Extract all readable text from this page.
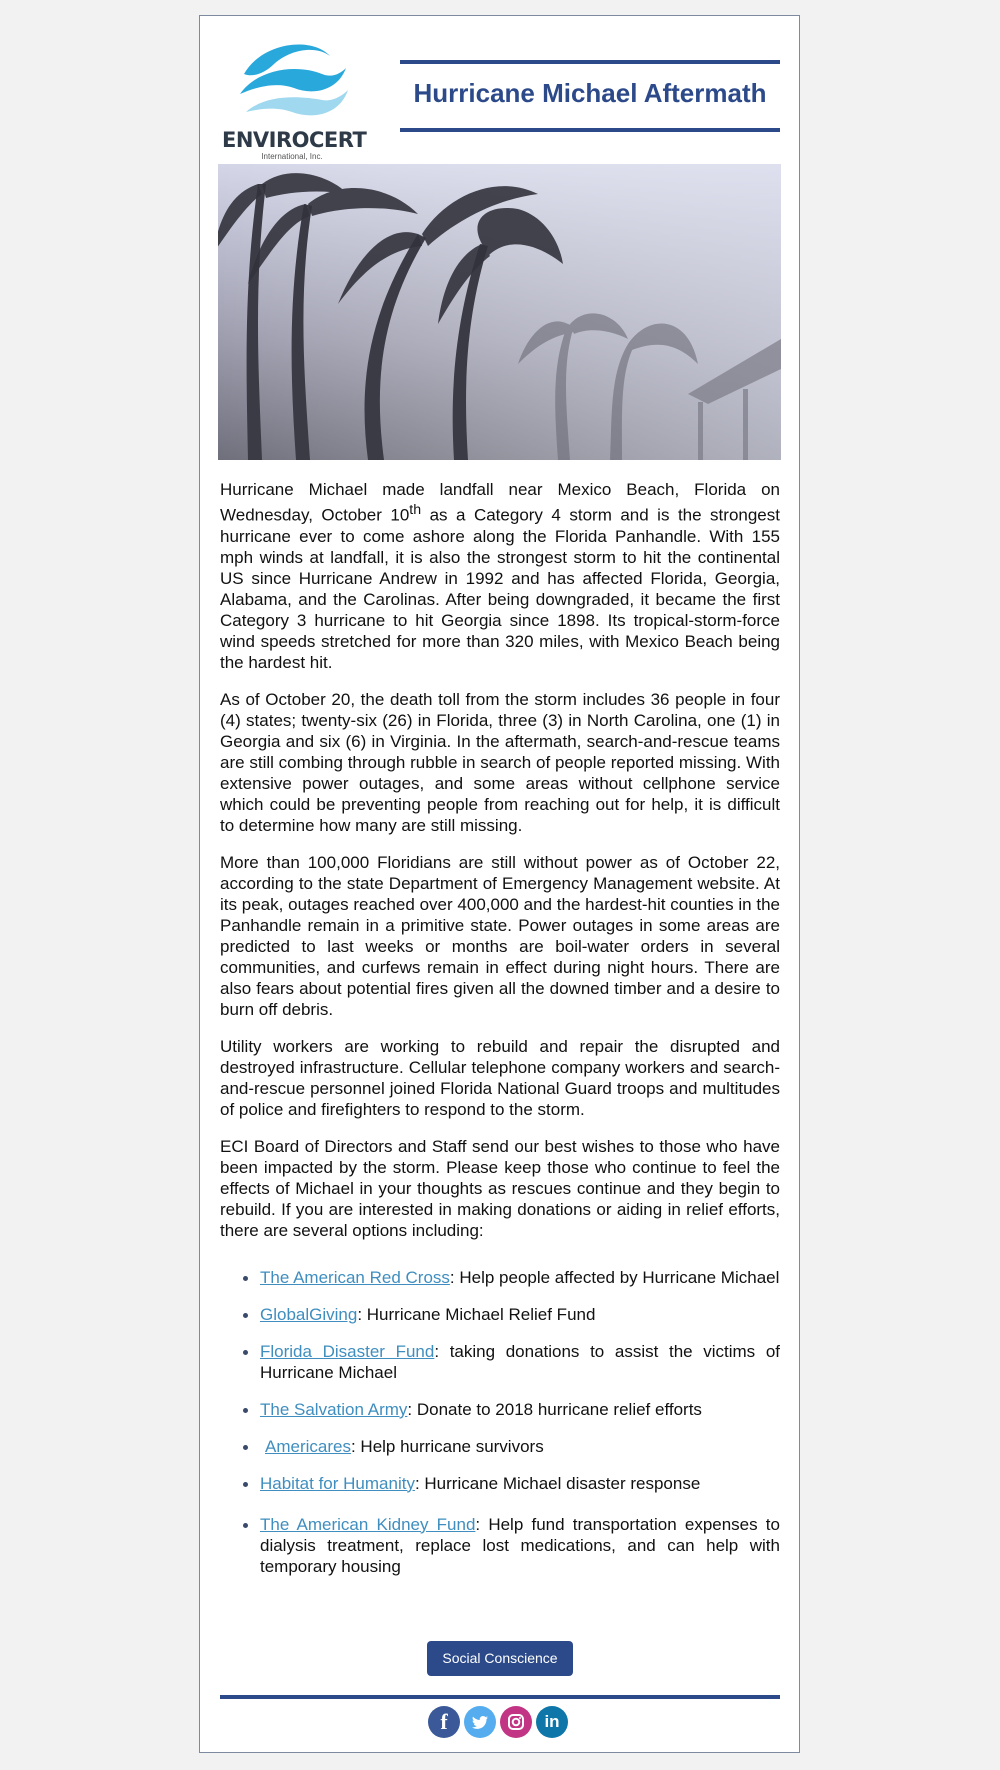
ENVIROCERT
International, Inc.
Hurricane Michael Aftermath

Hurricane Michael made landfall near Mexico Beach, Florida on Wednesday, October 10th as a Category 4 storm and is the strongest hurricane ever to come ashore along the Florida Panhandle. With 155 mph winds at landfall, it is also the strongest storm to hit the continental US since Hurricane Andrew in 1992 and has affected Florida, Georgia, Alabama, and the Carolinas. After being downgraded, it became the first Category 3 hurricane to hit Georgia since 1898. Its tropical-storm-force wind speeds stretched for more than 320 miles, with Mexico Beach being the hardest hit.

As of October 20, the death toll from the storm includes 36 people in four (4) states; twenty-six (26) in Florida, three (3) in North Carolina, one (1) in Georgia and six (6) in Virginia. In the aftermath, search-and-rescue teams are still combing through rubble in search of people reported missing. With extensive power outages, and some areas without cellphone service which could be preventing people from reaching out for help, it is difficult to determine how many are still missing.

More than 100,000 Floridians are still without power as of October 22, according to the state Department of Emergency Management website. At its peak, outages reached over 400,000 and the hardest-hit counties in the Panhandle remain in a primitive state. Power outages in some areas are predicted to last weeks or months are boil-water orders in several communities, and curfews remain in effect during night hours. There are also fears about potential fires given all the downed timber and a desire to burn off debris.

Utility workers are working to rebuild and repair the disrupted and destroyed infrastructure. Cellular telephone company workers and search-and-rescue personnel joined Florida National Guard troops and multitudes of police and firefighters to respond to the storm.

ECI Board of Directors and Staff send our best wishes to those who have been impacted by the storm. Please keep those who continue to feel the effects of Michael in your thoughts as rescues continue and they begin to rebuild. If you are interested in making donations or aiding in relief efforts, there are several options including:

The American Red Cross: Help people affected by Hurricane Michael
GlobalGiving: Hurricane Michael Relief Fund
Florida Disaster Fund: taking donations to assist the victims of Hurricane Michael
The Salvation Army: Donate to 2018 hurricane relief efforts
Americares: Help hurricane survivors
Habitat for Humanity: Hurricane Michael disaster response
The American Kidney Fund: Help fund transportation expenses to dialysis treatment, replace lost medications, and can help with temporary housing
Social Conscience
f	in
